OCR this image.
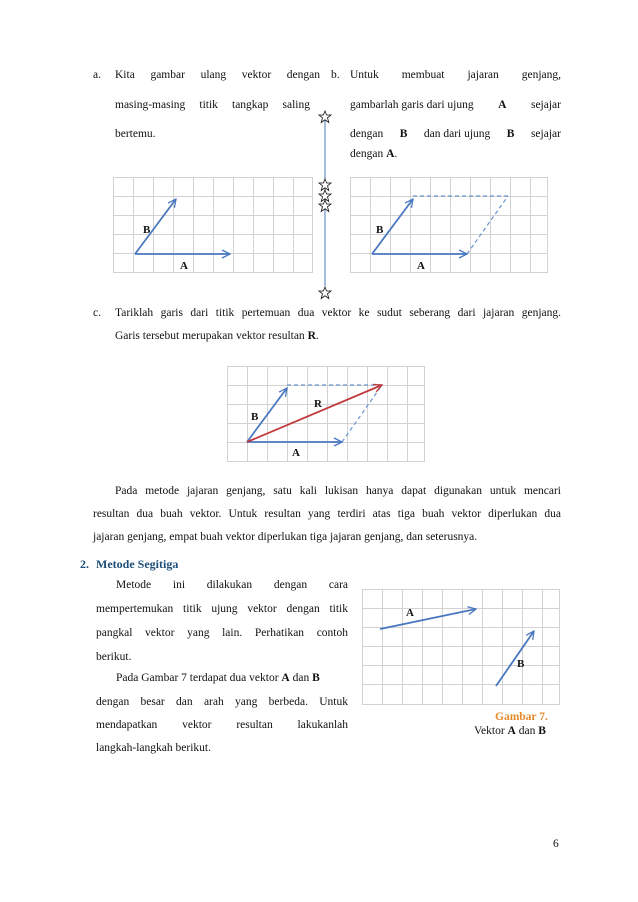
a. Kita gambar ulang vektor dengan
masing-masing titik tangkap saling
bertemu.
b. Untuk membuat jajaran genjang,
gambarlah garis dari ujung A sejajar
dengan B dan dari ujung B sejajar
dengan A.
B
A
B
A
c. Tariklah garis dari titik pertemuan dua vektor ke sudut seberang dari jajaran genjang.
Garis tersebut merupakan vektor resultan R.
B
R
A
Pada metode jajaran genjang, satu kali lukisan hanya dapat digunakan untuk mencari
resultan dua buah vektor. Untuk resultan yang terdiri atas tiga buah vektor diperlukan dua
jajaran genjang, empat buah vektor diperlukan tiga jajaran genjang, dan seterusnya.
2. Metode Segitiga
Metode ini dilakukan dengan cara
mempertemukan titik ujung vektor dengan titik
pangkal vektor yang lain. Perhatikan contoh
berikut.
Pada Gambar 7 terdapat dua vektor A dan B
dengan besar dan arah yang berbeda. Untuk
mendapatkan vektor resultan lakukanlah
langkah-langkah berikut.
A
B
Gambar 7.
Vektor A dan B
6
